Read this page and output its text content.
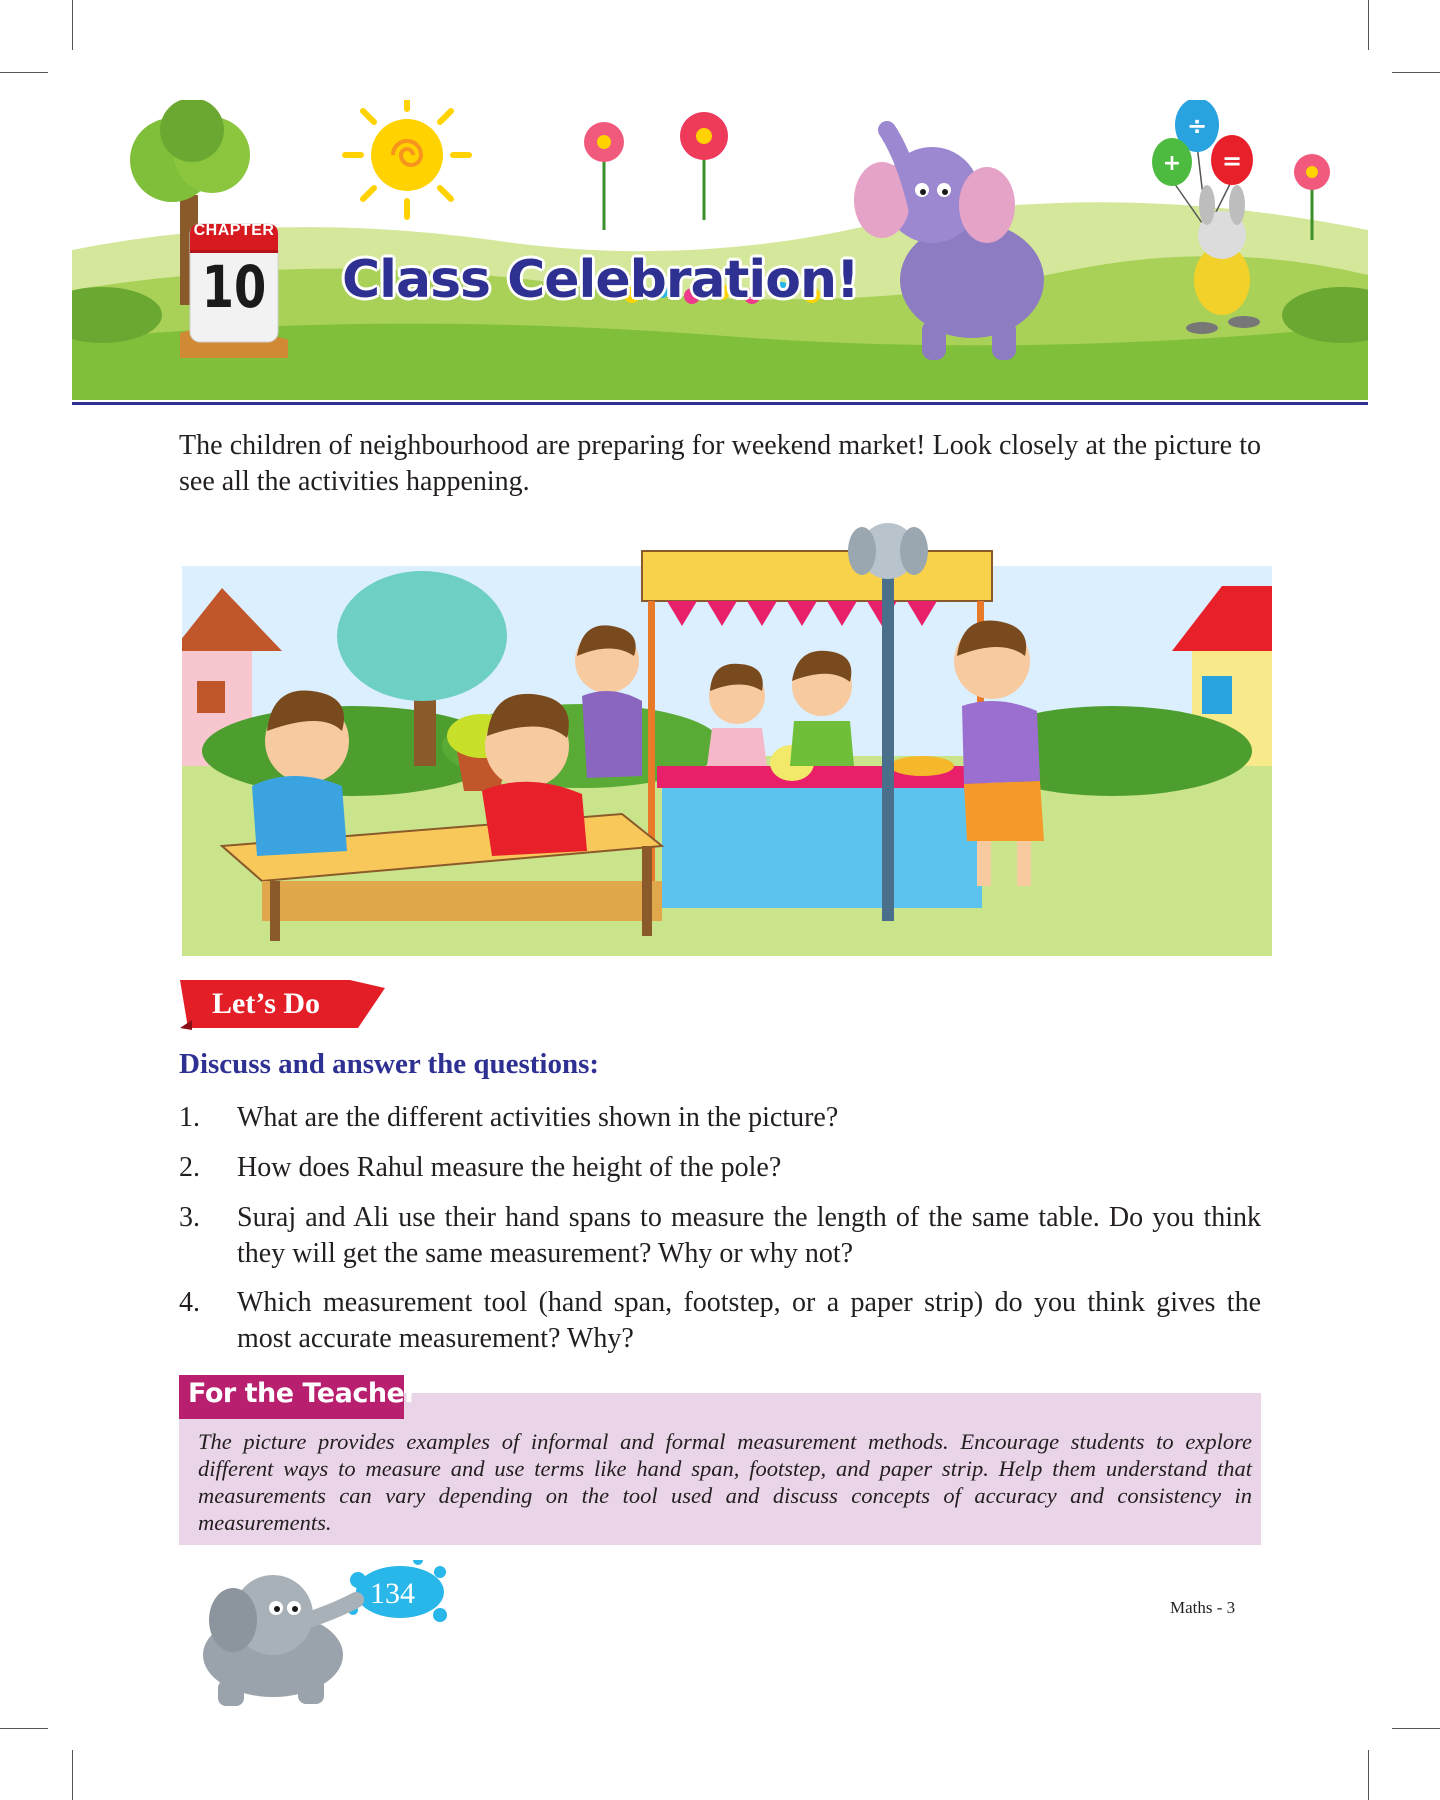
÷
+ =
CHAPTER
10 Class Celebration!
The children of neighbourhood are preparing for weekend market! Look closely at the picture to see all the activities happening.
Let’s Do
Discuss and answer the questions:
1. What are the different activities shown in the picture?
2. How does Rahul measure the height of the pole?
3. Suraj and Ali use their hand spans to measure the length of the same table. Do you think they will get the same measurement? Why or why not?
4. Which measurement tool (hand span, footstep, or a paper strip) do you think gives the most accurate measurement? Why?
For the Teacher
The picture provides examples of informal and formal measurement methods. Encourage students to explore different ways to measure and use terms like hand span, footstep, and paper strip. Help them understand that measurements can vary depending on the tool used and discuss concepts of accuracy and consistency in measurements.
134	Maths - 3
